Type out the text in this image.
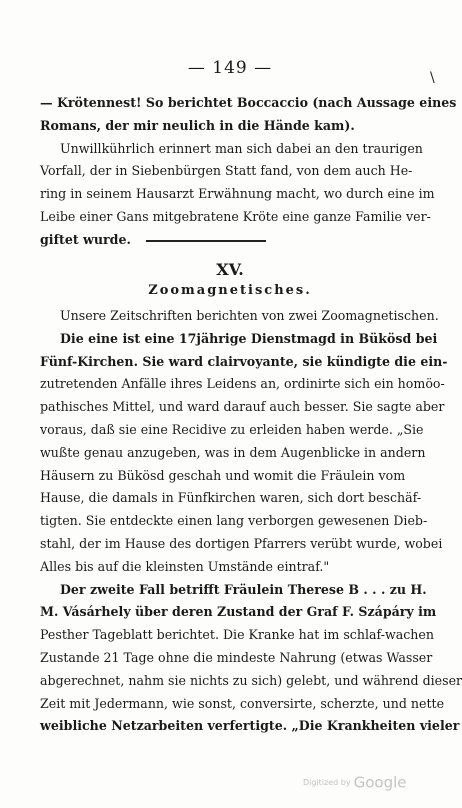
— 149 —	\
— Krötennest! So berichtet Boccaccio (nach Aussage eines
Romans, der mir neulich in die Hände kam).
Unwillkührlich erinnert man sich dabei an den traurigen
Vorfall, der in Siebenbürgen Statt fand, von dem auch He-
ring in seinem Hausarzt Erwähnung macht, wo durch eine im
Leibe einer Gans mitgebratene Kröte eine ganze Familie ver-
giftet wurde.
XV.
Zoomagnetisches.
Unsere Zeitschriften berichten von zwei Zoomagnetischen.
Die eine ist eine 17jährige Dienstmagd in Bükösd bei
Fünf-Kirchen. Sie ward clairvoyante, sie kündigte die ein-
zutretenden Anfälle ihres Leidens an, ordinirte sich ein homöo-
pathisches Mittel, und ward darauf auch besser. Sie sagte aber
voraus, daß sie eine Recidive zu erleiden haben werde. „Sie
wußte genau anzugeben, was in dem Augenblicke in andern
Häusern zu Bükösd geschah und womit die Fräulein vom
Hause, die damals in Fünfkirchen waren, sich dort beschäf-
tigten. Sie entdeckte einen lang verborgen gewesenen Dieb-
stahl, der im Hause des dortigen Pfarrers verübt wurde, wobei
Alles bis auf die kleinsten Umstände eintraf."
Der zweite Fall betrifft Fräulein Therese B . . . zu H.
M. Vásárhely über deren Zustand der Graf F. Szápáry im
Pesther Tageblatt berichtet. Die Kranke hat im schlaf-wachen
Zustande 21 Tage ohne die mindeste Nahrung (etwas Wasser
abgerechnet, nahm sie nichts zu sich) gelebt, und während dieser
Zeit mit Jedermann, wie sonst, conversirte, scherzte, und nette
weibliche Netzarbeiten verfertigte. „Die Krankheiten vieler
Digitized by Google
